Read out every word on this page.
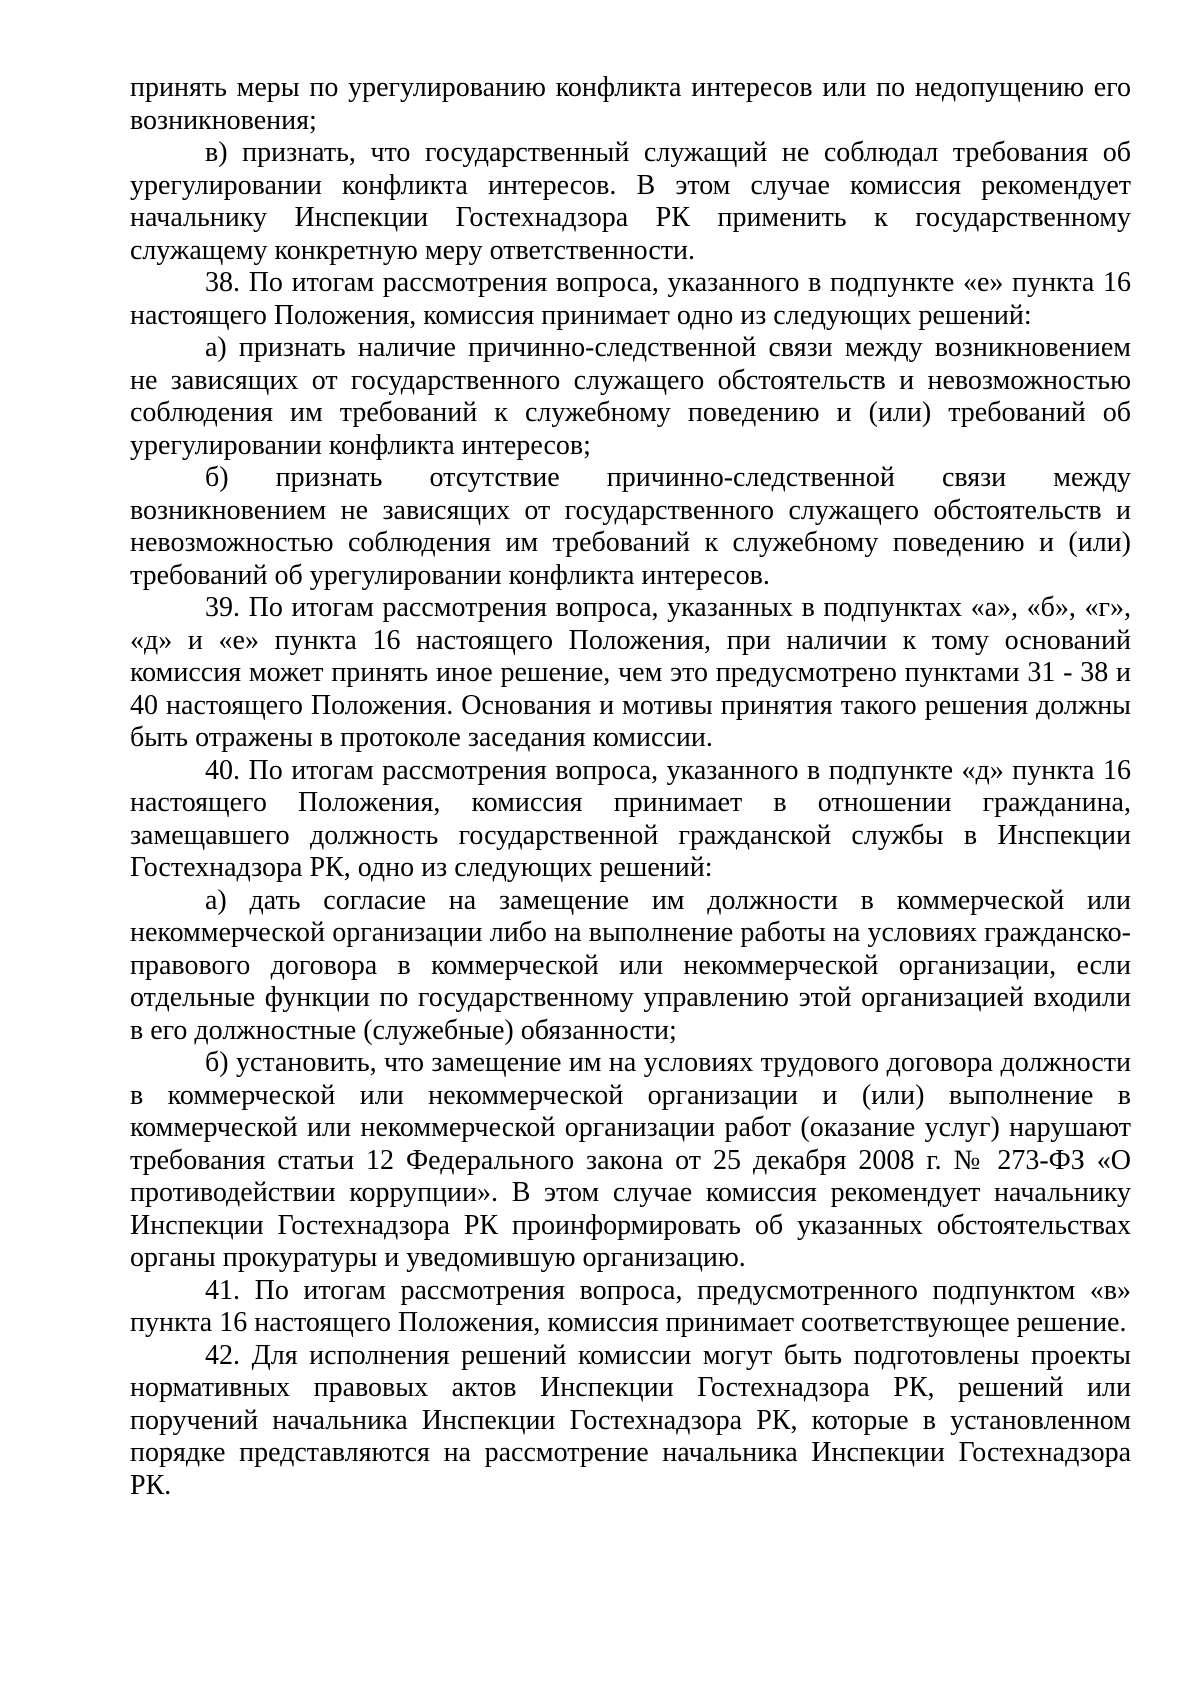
принять меры по урегулированию конфликта интересов или по недопущению его возникновения;

в) признать, что государственный служащий не соблюдал требования об урегулировании конфликта интересов. В этом случае комиссия рекомендует начальнику Инспекции Гостехнадзора РК применить к государственному служащему конкретную меру ответственности.

38. По итогам рассмотрения вопроса, указанного в подпункте «е» пункта 16 настоящего Положения, комиссия принимает одно из следующих решений:

а) признать наличие причинно-следственной связи между возникновением не зависящих от государственного служащего обстоятельств и невозможностью соблюдения им требований к служебному поведению и (или) требований об урегулировании конфликта интересов;

б) признать отсутствие причинно-следственной связи между возникновением не зависящих от государственного служащего обстоятельств и невозможностью соблюдения им требований к служебному поведению и (или) требований об урегулировании конфликта интересов.

39. По итогам рассмотрения вопроса, указанных в подпунктах «а», «б», «г», «д» и «е» пункта 16 настоящего Положения, при наличии к тому оснований комиссия может принять иное решение, чем это предусмотрено пунктами 31 - 38 и 40 настоящего Положения. Основания и мотивы принятия такого решения должны быть отражены в протоколе заседания комиссии.

40. По итогам рассмотрения вопроса, указанного в подпункте «д» пункта 16 настоящего Положения, комиссия принимает в отношении гражданина, замещавшего должность государственной гражданской службы в Инспекции Гостехнадзора РК, одно из следующих решений:

а) дать согласие на замещение им должности в коммерческой или некоммерческой организации либо на выполнение работы на условиях гражданско-правового договора в коммерческой или некоммерческой организации, если отдельные функции по государственному управлению этой организацией входили в его должностные (служебные) обязанности;

б) установить, что замещение им на условиях трудового договора должности в коммерческой или некоммерческой организации и (или) выполнение в коммерческой или некоммерческой организации работ (оказание услуг) нарушают требования статьи 12 Федерального закона от 25 декабря 2008 г. № 273-ФЗ «О противодействии коррупции». В этом случае комиссия рекомендует начальнику Инспекции Гостехнадзора РК проинформировать об указанных обстоятельствах органы прокуратуры и уведомившую организацию.

41. По итогам рассмотрения вопроса, предусмотренного подпунктом «в» пункта 16 настоящего Положения, комиссия принимает соответствующее решение.

42. Для исполнения решений комиссии могут быть подготовлены проекты нормативных правовых актов Инспекции Гостехнадзора РК, решений или поручений начальника Инспекции Гостехнадзора РК, которые в установленном порядке представляются на рассмотрение начальника Инспекции Гостехнадзора РК.
